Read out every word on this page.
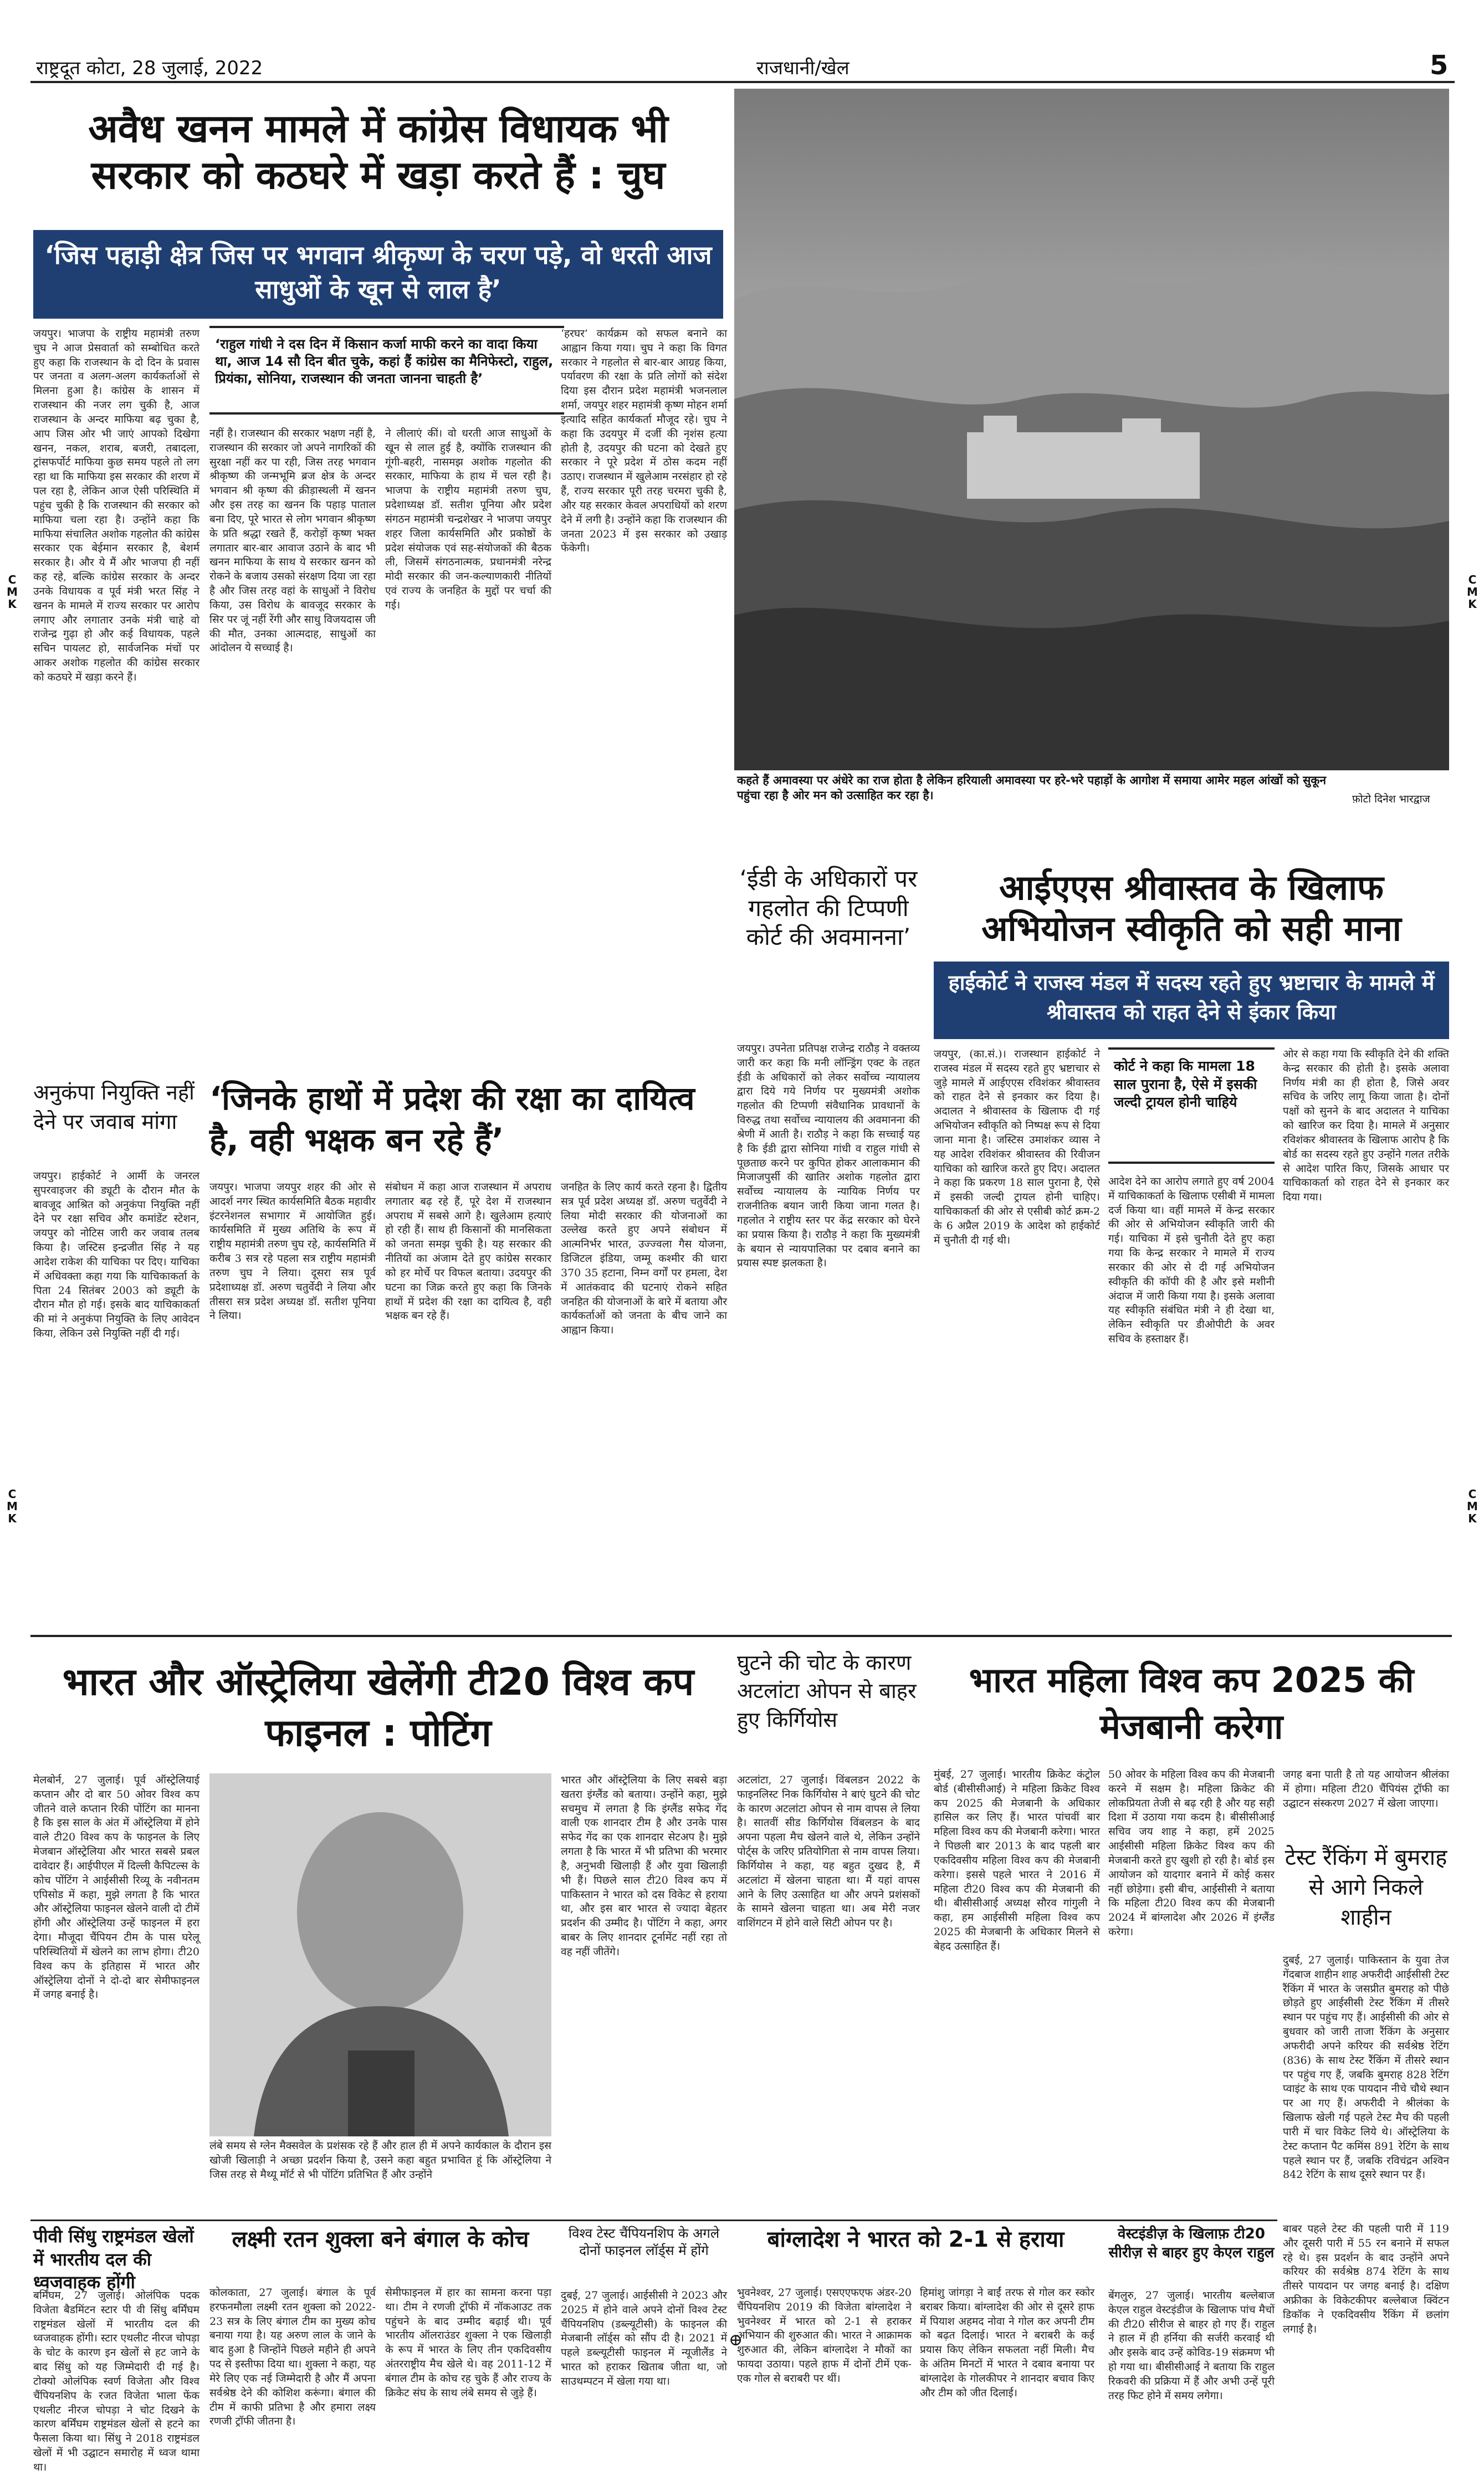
राष्ट्रदूत कोटा, 28 जुलाई, 2022	राजधानी/खेल	5
C
M
K
C
M
K
C
M
K
C
M
K
अवैध खनन मामले में कांग्रेस विधायक भी सरकार को कठघरे में खड़ा करते हैं : चुघ
‘जिस पहाड़ी क्षेत्र जिस पर भगवान श्रीकृष्ण के चरण पड़े, वो धरती आज साधुओं के खून से लाल है’
जयपुर। भाजपा के राष्ट्रीय महामंत्री तरुण चुघ ने आज प्रेसवार्ता को सम्बोधित करते हुए कहा कि राजस्थान के दो दिन के प्रवास पर जनता व अलग-अलग कार्यकर्ताओं से मिलना हुआ है। कांग्रेस के शासन में राजस्थान की नजर लग चुकी है, आज राजस्थान के अन्दर माफिया बढ़ चुका है, आप जिस ओर भी जाएं आपको दिखेगा खनन, नकल, शराब, बजरी, तबादला, ट्रांसफर्पोर्ट माफिया कुछ समय पहले तो लग रहा था कि माफिया इस सरकार की शरण में पल रहा है, लेकिन आज ऐसी परिस्थिति में पहुंच चुकी है कि राजस्थान की सरकार को माफिया चला रहा है। उन्होंने कहा कि माफिया संचालित अशोक गहलोत की कांग्रेस सरकार एक बेईमान सरकार है, बेशर्म सरकार है। और ये मैं और भाजपा ही नहीं कह रहे, बल्कि कांग्रेस सरकार के अन्दर उनके विधायक व पूर्व मंत्री भरत सिंह ने खनन के मामले में राज्य सरकार पर आरोप लगाए और लगातार उनके मंत्री चाहे वो राजेन्द्र गुढ़ा हो और कई विधायक, पहले सचिन पायलट हो, सार्वजनिक मंचों पर आकर अशोक गहलोत की कांग्रेस सरकार को कठघरे में खड़ा करने हैं।
‘राहुल गांधी ने दस दिन में किसान कर्जा माफी करने का वादा किया था, आज 14 सौ दिन बीत चुके, कहां हैं कांग्रेस का मैनिफेस्टो, राहुल, प्रियंका, सोनिया, राजस्थान की जनता जानना चाहती है’
नहीं है। राजस्थान की सरकार भक्षण नहीं है, राजस्थान की सरकार जो अपने नागरिकों की सुरक्षा नहीं कर पा रही, जिस तरह भगवान श्रीकृष्ण की जन्मभूमि ब्रज क्षेत्र के अन्दर भगवान श्री कृष्ण की क्रीड़ास्थली में खनन और इस तरह का खनन कि पहाड़ पाताल बना दिए, पूरे भारत से लोग भगवान श्रीकृष्ण के प्रति श्रद्धा रखते हैं, करोड़ों कृष्ण भक्त लगातार बार-बार आवाज उठाने के बाद भी खनन माफिया के साथ ये सरकार खनन को रोकने के बजाय उसको संरक्षण दिया जा रहा है और जिस तरह वहां के साधुओं ने विरोध किया, उस विरोध के बावजूद सरकार के सिर पर जूं नहीं रेंगी और साधु विजयदास जी की मौत, उनका आत्मदाह, साधुओं का आंदोलन ये सच्चाई है।
ने लीलाएं कीं। वो धरती आज साधुओं के खून से लाल हुई है, क्योंकि राजस्थान की गूंगी-बहरी, नासमझ अशोक गहलोत की सरकार, माफिया के हाथ में चल रही है। भाजपा के राष्ट्रीय महामंत्री तरुण चुघ, प्रदेशाध्यक्ष डॉ. सतीश पूनिया और प्रदेश संगठन महामंत्री चन्द्रशेखर ने भाजपा जयपुर शहर जिला कार्यसमिति और प्रकोष्ठों के प्रदेश संयोजक एवं सह-संयोजकों की बैठक ली, जिसमें संगठनात्मक, प्रधानमंत्री नरेन्द्र मोदी सरकार की जन-कल्याणकारी नीतियों एवं राज्य के जनहित के मुद्दों पर चर्चा की गई।
‘हरघर’ कार्यक्रम को सफल बनाने का आह्वान किया गया। चुघ ने कहा कि विगत सरकार ने गहलोत से बार-बार आग्रह किया, पर्यावरण की रक्षा के प्रति लोगों को संदेश दिया इस दौरान प्रदेश महामंत्री भजनलाल शर्मा, जयपुर शहर महामंत्री कृष्ण मोहन शर्मा इत्यादि सहित कार्यकर्ता मौजूद रहे। चुघ ने कहा कि उदयपुर में दर्जी की नृशंस हत्या होती है, उदयपुर की घटना को देखते हुए सरकार ने पूरे प्रदेश में ठोस कदम नहीं उठाए। राजस्थान में खुलेआम नरसंहार हो रहे हैं, राज्य सरकार पूरी तरह चरमरा चुकी है, और यह सरकार केवल अपराधियों को शरण देने में लगी है। उन्होंने कहा कि राजस्थान की जनता 2023 में इस सरकार को उखाड़ फेंकेगी।
कहते हैं अमावस्या पर अंधेरे का राज होता है लेकिन हरियाली अमावस्या पर हरे-भरे पहाड़ों के आगोश में समाया आमेर महल आंखों को सुकून पहुंचा रहा है ओर मन को उत्साहित कर रहा है।	फ़ोटो दिनेश भारद्वाज
‘ईडी के अधिकारों पर गहलोत की टिप्पणी कोर्ट की अवमानना’
जयपुर। उपनेता प्रतिपक्ष राजेन्द्र राठौड़ ने वक्तव्य जारी कर कहा कि मनी लॉन्ड्रिंग एक्ट के तहत ईडी के अधिकारों को लेकर सर्वोच्च न्यायालय द्वारा दिये गये निर्णय पर मुख्यमंत्री अशोक गहलोत की टिप्पणी संवैधानिक प्रावधानों के विरुद्ध तथा सर्वोच्च न्यायालय की अवमानना की श्रेणी में आती है। राठौड़ ने कहा कि सच्चाई यह है कि ईडी द्वारा सोनिया गांधी व राहुल गांधी से पूछताछ करने पर कुपित होकर आलाकमान की मिजाजपुर्सी की खातिर अशोक गहलोत द्वारा सर्वोच्च न्यायालय के न्यायिक निर्णय पर राजनीतिक बयान जारी किया जाना गलत है। गहलोत ने राष्ट्रीय स्तर पर केंद्र सरकार को घेरने का प्रयास किया है। राठौड़ ने कहा कि मुख्यमंत्री के बयान से न्यायपालिका पर दबाव बनाने का प्रयास स्पष्ट झलकता है।
आईएएस श्रीवास्तव के खिलाफ अभियोजन स्वीकृति को सही माना
हाईकोर्ट ने राजस्व मंडल में सदस्य रहते हुए भ्रष्टाचार के मामले में श्रीवास्तव को राहत देने से इंकार किया
जयपुर, (का.सं.)। राजस्थान हाईकोर्ट ने राजस्व मंडल में सदस्य रहते हुए भ्रष्टाचार से जुड़े मामले में आईएएस रविशंकर श्रीवास्तव को राहत देने से इनकार कर दिया है। अदालत ने श्रीवास्तव के खिलाफ दी गई अभियोजन स्वीकृति को निष्पक्ष रूप से दिया जाना माना है। जस्टिस उमाशंकर व्यास ने यह आदेश रविशंकर श्रीवास्तव की रिवीजन याचिका को खारिज करते हुए दिए। अदालत ने कहा कि प्रकरण 18 साल पुराना है, ऐसे में इसकी जल्दी ट्रायल होनी चाहिए। याचिकाकर्ता की ओर से एसीबी कोर्ट क्रम-2 के 6 अप्रैल 2019 के आदेश को हाईकोर्ट में चुनौती दी गई थी।
कोर्ट ने कहा कि मामला 18 साल पुराना है, ऐसे में इसकी जल्दी ट्रायल होनी चाहिये
आदेश देने का आरोप लगाते हुए वर्ष 2004 में याचिकाकर्ता के खिलाफ एसीबी में मामला दर्ज किया था। वहीं मामले में केन्द्र सरकार की ओर से अभियोजन स्वीकृति जारी की गई। याचिका में इसे चुनौती देते हुए कहा गया कि केन्द्र सरकार ने मामले में राज्य सरकार की ओर से दी गई अभियोजन स्वीकृति की कॉपी की है और इसे मशीनी अंदाज में जारी किया गया है। इसके अलावा यह स्वीकृति संबंधित मंत्री ने ही देखा था, लेकिन स्वीकृति पर डीओपीटी के अवर सचिव के हस्ताक्षर हैं।
ओर से कहा गया कि स्वीकृति देने की शक्ति केन्द्र सरकार की होती है। इसके अलावा निर्णय मंत्री का ही होता है, जिसे अवर सचिव के जरिए लागू किया जाता है। दोनों पक्षों को सुनने के बाद अदालत ने याचिका को खारिज कर दिया है। मामले में अनुसार रविशंकर श्रीवास्तव के खिलाफ आरोप है कि बोर्ड का सदस्य रहते हुए उन्होंने गलत तरीके से आदेश पारित किए, जिसके आधार पर याचिकाकर्ता को राहत देने से इनकार कर दिया गया।
अनुकंपा नियुक्ति नहीं देने पर जवाब मांगा
जयपुर। हाईकोर्ट ने आर्मी के जनरल सुपरवाइजर की ड्यूटी के दौरान मौत के बावजूद आश्रित को अनुकंपा नियुक्ति नहीं देने पर रक्षा सचिव और कमांडेंट स्टेशन, जयपुर को नोटिस जारी कर जवाब तलब किया है। जस्टिस इन्द्रजीत सिंह ने यह आदेश राकेश की याचिका पर दिए। याचिका में अधिवक्ता कहा गया कि याचिकाकर्ता के पिता 24 सितंबर 2003 को ड्यूटी के दौरान मौत हो गई। इसके बाद याचिकाकर्ता की मां ने अनुकंपा नियुक्ति के लिए आवेदन किया, लेकिन उसे नियुक्ति नहीं दी गई।
‘जिनके हाथों में प्रदेश की रक्षा का दायित्व है, वही भक्षक बन रहे हैं’
जयपुर। भाजपा जयपुर शहर की ओर से आदर्श नगर स्थित कार्यसमिति बैठक महावीर इंटरनेशनल सभागार में आयोजित हुई। कार्यसमिति में मुख्य अतिथि के रूप में राष्ट्रीय महामंत्री तरुण चुघ रहे, कार्यसमिति में करीब 3 सत्र रहे पहला सत्र राष्ट्रीय महामंत्री तरुण चुघ ने लिया। दूसरा सत्र पूर्व प्रदेशाध्यक्ष डॉ. अरुण चतुर्वेदी ने लिया और तीसरा सत्र प्रदेश अध्यक्ष डॉ. सतीश पूनिया ने लिया।
संबोधन में कहा आज राजस्थान में अपराध लगातार बढ़ रहे हैं, पूरे देश में राजस्थान अपराध में सबसे आगे है। खुलेआम हत्याएं हो रही हैं। साथ ही किसानों की मानसिकता को जनता समझ चुकी है। यह सरकार की नीतियों का अंजाम देते हुए कांग्रेस सरकार को हर मोर्चे पर विफल बताया। उदयपुर की घटना का जिक्र करते हुए कहा कि जिनके हाथों में प्रदेश की रक्षा का दायित्व है, वही भक्षक बन रहे हैं।
जनहित के लिए कार्य करते रहना है। द्वितीय सत्र पूर्व प्रदेश अध्यक्ष डॉ. अरुण चतुर्वेदी ने लिया मोदी सरकार की योजनाओं का उल्लेख करते हुए अपने संबोधन में आत्मनिर्भर भारत, उज्ज्वला गैस योजना, डिजिटल इंडिया, जम्मू कश्मीर की धारा 370 35 हटाना, निम्न वर्गों पर हमला, देश में आतंकवाद की घटनाएं रोकने सहित जनहित की योजनाओं के बारे में बताया और कार्यकर्ताओं को जनता के बीच जाने का आह्वान किया।
भारत और ऑस्ट्रेलिया खेलेंगी टी20 विश्व कप फाइनल : पोटिंग
मेलबोर्न, 27 जुलाई। पूर्व ऑस्ट्रेलियाई कप्तान और दो बार 50 ओवर विश्व कप जीतने वाले कप्तान रिकी पोंटिंग का मानना है कि इस साल के अंत में ऑस्ट्रेलिया में होने वाले टी20 विश्व कप के फाइनल के लिए मेजबान ऑस्ट्रेलिया और भारत सबसे प्रबल दावेदार हैं। आईपीएल में दिल्ली कैपिटल्स के कोच पोंटिंग ने आईसीसी रिव्यू के नवीनतम एपिसोड में कहा, मुझे लगता है कि भारत और ऑस्ट्रेलिया फाइनल खेलने वाली दो टीमें होंगी और ऑस्ट्रेलिया उन्हें फाइनल में हरा देगा। मौजूदा चैंपियन टीम के पास घरेलू परिस्थितियों में खेलने का लाभ होगा। टी20 विश्व कप के इतिहास में भारत और ऑस्ट्रेलिया दोनों ने दो-दो बार सेमीफाइनल में जगह बनाई है।
लंबे समय से ग्लेन मैक्सवेल के प्रशंसक रहे हैं और हाल ही में अपने कार्यकाल के दौरान इस खोजी खिलाड़ी ने अच्छा प्रदर्शन किया है, उसने कहा बहुत प्रभावित हूं कि ऑस्ट्रेलिया ने जिस तरह से मैथ्यू मॉर्ट से भी पोंटिंग प्रतिभित हैं और उन्होंने
भारत और ऑस्ट्रेलिया के लिए सबसे बड़ा खतरा इंग्लैंड को बताया। उन्होंने कहा, मुझे सचमुच में लगता है कि इंग्लैंड सफेद गेंद वाली एक शानदार टीम है और उनके पास सफेद गेंद का एक शानदार सेटअप है। मुझे लगता है कि भारत में भी प्रतिभा की भरमार है, अनुभवी खिलाड़ी हैं और युवा खिलाड़ी भी हैं। पिछले साल टी20 विश्व कप में पाकिस्तान ने भारत को दस विकेट से हराया था, और इस बार भारत से ज्यादा बेहतर प्रदर्शन की उम्मीद है। पोंटिंग ने कहा, अगर बाबर के लिए शानदार टूर्नामेंट नहीं रहा तो वह नहीं जीतेंगे।
घुटने की चोट के कारण अटलांटा ओपन से बाहर हुए किर्गियोस
अटलांटा, 27 जुलाई। विंबलडन 2022 के फाइनलिस्ट निक किर्गियोस ने बाएं घुटने की चोट के कारण अटलांटा ओपन से नाम वापस ले लिया है। सातवीं सीड किर्गियोस विंबलडन के बाद अपना पहला मैच खेलने वाले थे, लेकिन उन्होंने पोर्ट्स के जरिए प्रतियोगिता से नाम वापस लिया। किर्गियोस ने कहा, यह बहुत दुखद है, मैं अटलांटा में खेलना चाहता था। मैं यहां वापस आने के लिए उत्साहित था और अपने प्रशंसकों के सामने खेलना चाहता था। अब मेरी नजर वाशिंगटन में होने वाले सिटी ओपन पर है।
भारत महिला विश्व कप 2025 की मेजबानी करेगा
मुंबई, 27 जुलाई। भारतीय क्रिकेट कंट्रोल बोर्ड (बीसीसीआई) ने महिला क्रिकेट विश्व कप 2025 की मेजबानी के अधिकार हासिल कर लिए हैं। भारत पांचवीं बार महिला विश्व कप की मेजबानी करेगा। भारत ने पिछली बार 2013 के बाद पहली बार एकदिवसीय महिला विश्व कप की मेजबानी करेगा। इससे पहले भारत ने 2016 में महिला टी20 विश्व कप की मेजबानी की थी। बीसीसीआई अध्यक्ष सौरव गांगुली ने कहा, हम आईसीसी महिला विश्व कप 2025 की मेजबानी के अधिकार मिलने से बेहद उत्साहित हैं।
50 ओवर के महिला विश्व कप की मेजबानी करने में सक्षम है। महिला क्रिकेट की लोकप्रियता तेजी से बढ़ रही है और यह सही दिशा में उठाया गया कदम है। बीसीसीआई सचिव जय शाह ने कहा, हमें 2025 आईसीसी महिला क्रिकेट विश्व कप की मेजबानी करते हुए खुशी हो रही है। बोर्ड इस आयोजन को यादगार बनाने में कोई कसर नहीं छोड़ेगा। इसी बीच, आईसीसी ने बताया कि महिला टी20 विश्व कप की मेजबानी 2024 में बांग्लादेश और 2026 में इंग्लैंड करेगा।
जगह बना पाती है तो यह आयोजन श्रीलंका में होगा। महिला टी20 चैंपियंस ट्रॉफी का उद्घाटन संस्करण 2027 में खेला जाएगा।
टेस्ट रैंकिंग में बुमराह से आगे निकले शाहीन
दुबई, 27 जुलाई। पाकिस्तान के युवा तेज गेंदबाज शाहीन शाह अफरीदी आईसीसी टेस्ट रैंकिंग में भारत के जसप्रीत बुमराह को पीछे छोड़ते हुए आईसीसी टेस्ट रैंकिंग में तीसरे स्थान पर पहुंच गए हैं। आईसीसी की ओर से बुधवार को जारी ताजा रैंकिंग के अनुसार अफरीदी अपने करियर की सर्वश्रेष्ठ रेटिंग (836) के साथ टेस्ट रैंकिंग में तीसरे स्थान पर पहुंच गए हैं, जबकि बुमराह 828 रेटिंग प्वाइंट के साथ एक पायदान नीचे चौथे स्थान पर आ गए हैं। अफरीदी ने श्रीलंका के खिलाफ खेली गई पहले टेस्ट मैच की पहली पारी में चार विकेट लिये थे। ऑस्ट्रेलिया के टेस्ट कप्तान पैट कमिंस 891 रेटिंग के साथ पहले स्थान पर हैं, जबकि रविचंद्रन अश्विन 842 रेटिंग के साथ दूसरे स्थान पर हैं।
पीवी सिंधु राष्ट्रमंडल खेलों में भारतीय दल की ध्वजवाहक होंगी
बर्मिंघम, 27 जुलाई। ओलंपिक पदक विजेता बैडमिंटन स्टार पी वी सिंधु बर्मिंघम राष्ट्रमंडल खेलों में भारतीय दल की ध्वजवाहक होंगी। स्टार एथलीट नीरज चोपड़ा के चोट के कारण इन खेलों से हट जाने के बाद सिंधु को यह जिम्मेदारी दी गई है। टोक्यो ओलंपिक स्वर्ण विजेता और विश्व चैंपियनशिप के रजत विजेता भाला फेंक एथलीट नीरज चोपड़ा ने चोट दिखने के कारण बर्मिंघम राष्ट्रमंडल खेलों से हटने का फैसला किया था। सिंधु ने 2018 राष्ट्रमंडल खेलों में भी उद्घाटन समारोह में ध्वज थामा था।
लक्ष्मी रतन शुक्ला बने बंगाल के कोच
कोलकाता, 27 जुलाई। बंगाल के पूर्व हरफनमौला लक्ष्मी रतन शुक्ला को 2022-23 सत्र के लिए बंगाल टीम का मुख्य कोच बनाया गया है। यह अरुण लाल के जाने के बाद हुआ है जिन्होंने पिछले महीने ही अपने पद से इस्तीफा दिया था। शुक्ला ने कहा, यह मेरे लिए एक नई जिम्मेदारी है और मैं अपना सर्वश्रेष्ठ देने की कोशिश करूंगा। बंगाल की टीम में काफी प्रतिभा है और हमारा लक्ष्य रणजी ट्रॉफी जीतना है।
सेमीफाइनल में हार का सामना करना पड़ा था। टीम ने रणजी ट्रॉफी में नॉकआउट तक पहुंचने के बाद उम्मीद बढ़ाई थी। पूर्व भारतीय ऑलराउंडर शुक्ला ने एक खिलाड़ी के रूप में भारत के लिए तीन एकदिवसीय अंतरराष्ट्रीय मैच खेले थे। वह 2011-12 में बंगाल टीम के कोच रह चुके हैं और राज्य के क्रिकेट संघ के साथ लंबे समय से जुड़े हैं।
विश्व टेस्ट चैंपियनशिप के अगले दोनों फाइनल लॉर्ड्स में होंगे
दुबई, 27 जुलाई। आईसीसी ने 2023 और 2025 में होने वाले अपने दोनों विश्व टेस्ट चैंपियनशिप (डब्ल्यूटीसी) के फाइनल की मेजबानी लॉर्ड्स को सौंप दी है। 2021 में पहले डब्ल्यूटीसी फाइनल में न्यूजीलैंड ने भारत को हराकर खिताब जीता था, जो साउथम्पटन में खेला गया था।
बांग्लादेश ने भारत को 2-1 से हराया
भुवनेश्वर, 27 जुलाई। एसएएफएफ अंडर-20 चैंपियनशिप 2019 की विजेता बांग्लादेश ने भुवनेश्वर में भारत को 2-1 से हराकर अभियान की शुरुआत की। भारत ने आक्रामक शुरुआत की, लेकिन बांग्लादेश ने मौकों का फायदा उठाया। पहले हाफ में दोनों टीमें एक-एक गोल से बराबरी पर थीं।
हिमांशु जांगड़ा ने बाईं तरफ से गोल कर स्कोर बराबर किया। बांग्लादेश की ओर से दूसरे हाफ में पियाश अहमद नोवा ने गोल कर अपनी टीम को बढ़त दिलाई। भारत ने बराबरी के कई प्रयास किए लेकिन सफलता नहीं मिली। मैच के अंतिम मिनटों में भारत ने दबाव बनाया पर बांग्लादेश के गोलकीपर ने शानदार बचाव किए और टीम को जीत दिलाई।
वेस्टइंडीज़ के खिलाफ़ टी20 सीरीज़ से बाहर हुए केएल राहुल
बेंगलुरु, 27 जुलाई। भारतीय बल्लेबाज केएल राहुल वेस्टइंडीज के खिलाफ पांच मैचों की टी20 सीरीज से बाहर हो गए हैं। राहुल ने हाल में ही हर्निया की सर्जरी करवाई थी और इसके बाद उन्हें कोविड-19 संक्रमण भी हो गया था। बीसीसीआई ने बताया कि राहुल रिकवरी की प्रक्रिया में हैं और अभी उन्हें पूरी तरह फिट होने में समय लगेगा।
बाबर पहले टेस्ट की पहली पारी में 119 और दूसरी पारी में 55 रन बनाने में सफल रहे थे। इस प्रदर्शन के बाद उन्होंने अपने करियर की सर्वश्रेष्ठ 874 रेटिंग के साथ तीसरे पायदान पर जगह बनाई है। दक्षिण अफ्रीका के विकेटकीपर बल्लेबाज क्विंटन डिकॉक ने एकदिवसीय रैंकिंग में छलांग लगाई है।
⊕
